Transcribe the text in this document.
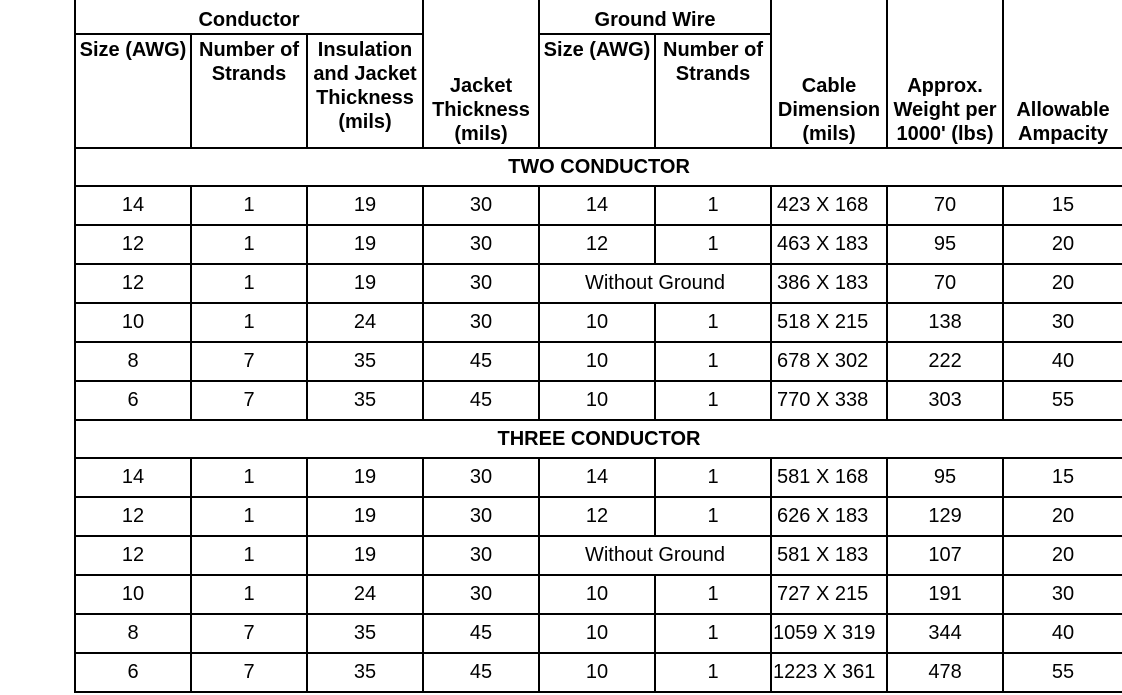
Conductor			Jacket Thickness (mils)	Ground Wire		Cable Dimension (mils)	Approx. Weight per 1000' (lbs)	Allowable Ampacity
Size (AWG)	Number of Strands	Insulation and Jacket Thickness (mils)		Size (AWG)	Number of Strands			
TWO CONDUCTOR								
14	1	19	30	14	1	423 X 168	70	15
12	1	19	30	12	1	463 X 183	95	20
12	1	19	30	Without Ground		386 X 183	70	20
10	1	24	30	10	1	518 X 215	138	30
8	7	35	45	10	1	678 X 302	222	40
6	7	35	45	10	1	770 X 338	303	55
THREE CONDUCTOR								
14	1	19	30	14	1	581 X 168	95	15
12	1	19	30	12	1	626 X 183	129	20
12	1	19	30	Without Ground		581 X 183	107	20
10	1	24	30	10	1	727 X 215	191	30
8	7	35	45	10	1	1059 X 319	344	40
6	7	35	45	10	1	1223 X 361	478	55
